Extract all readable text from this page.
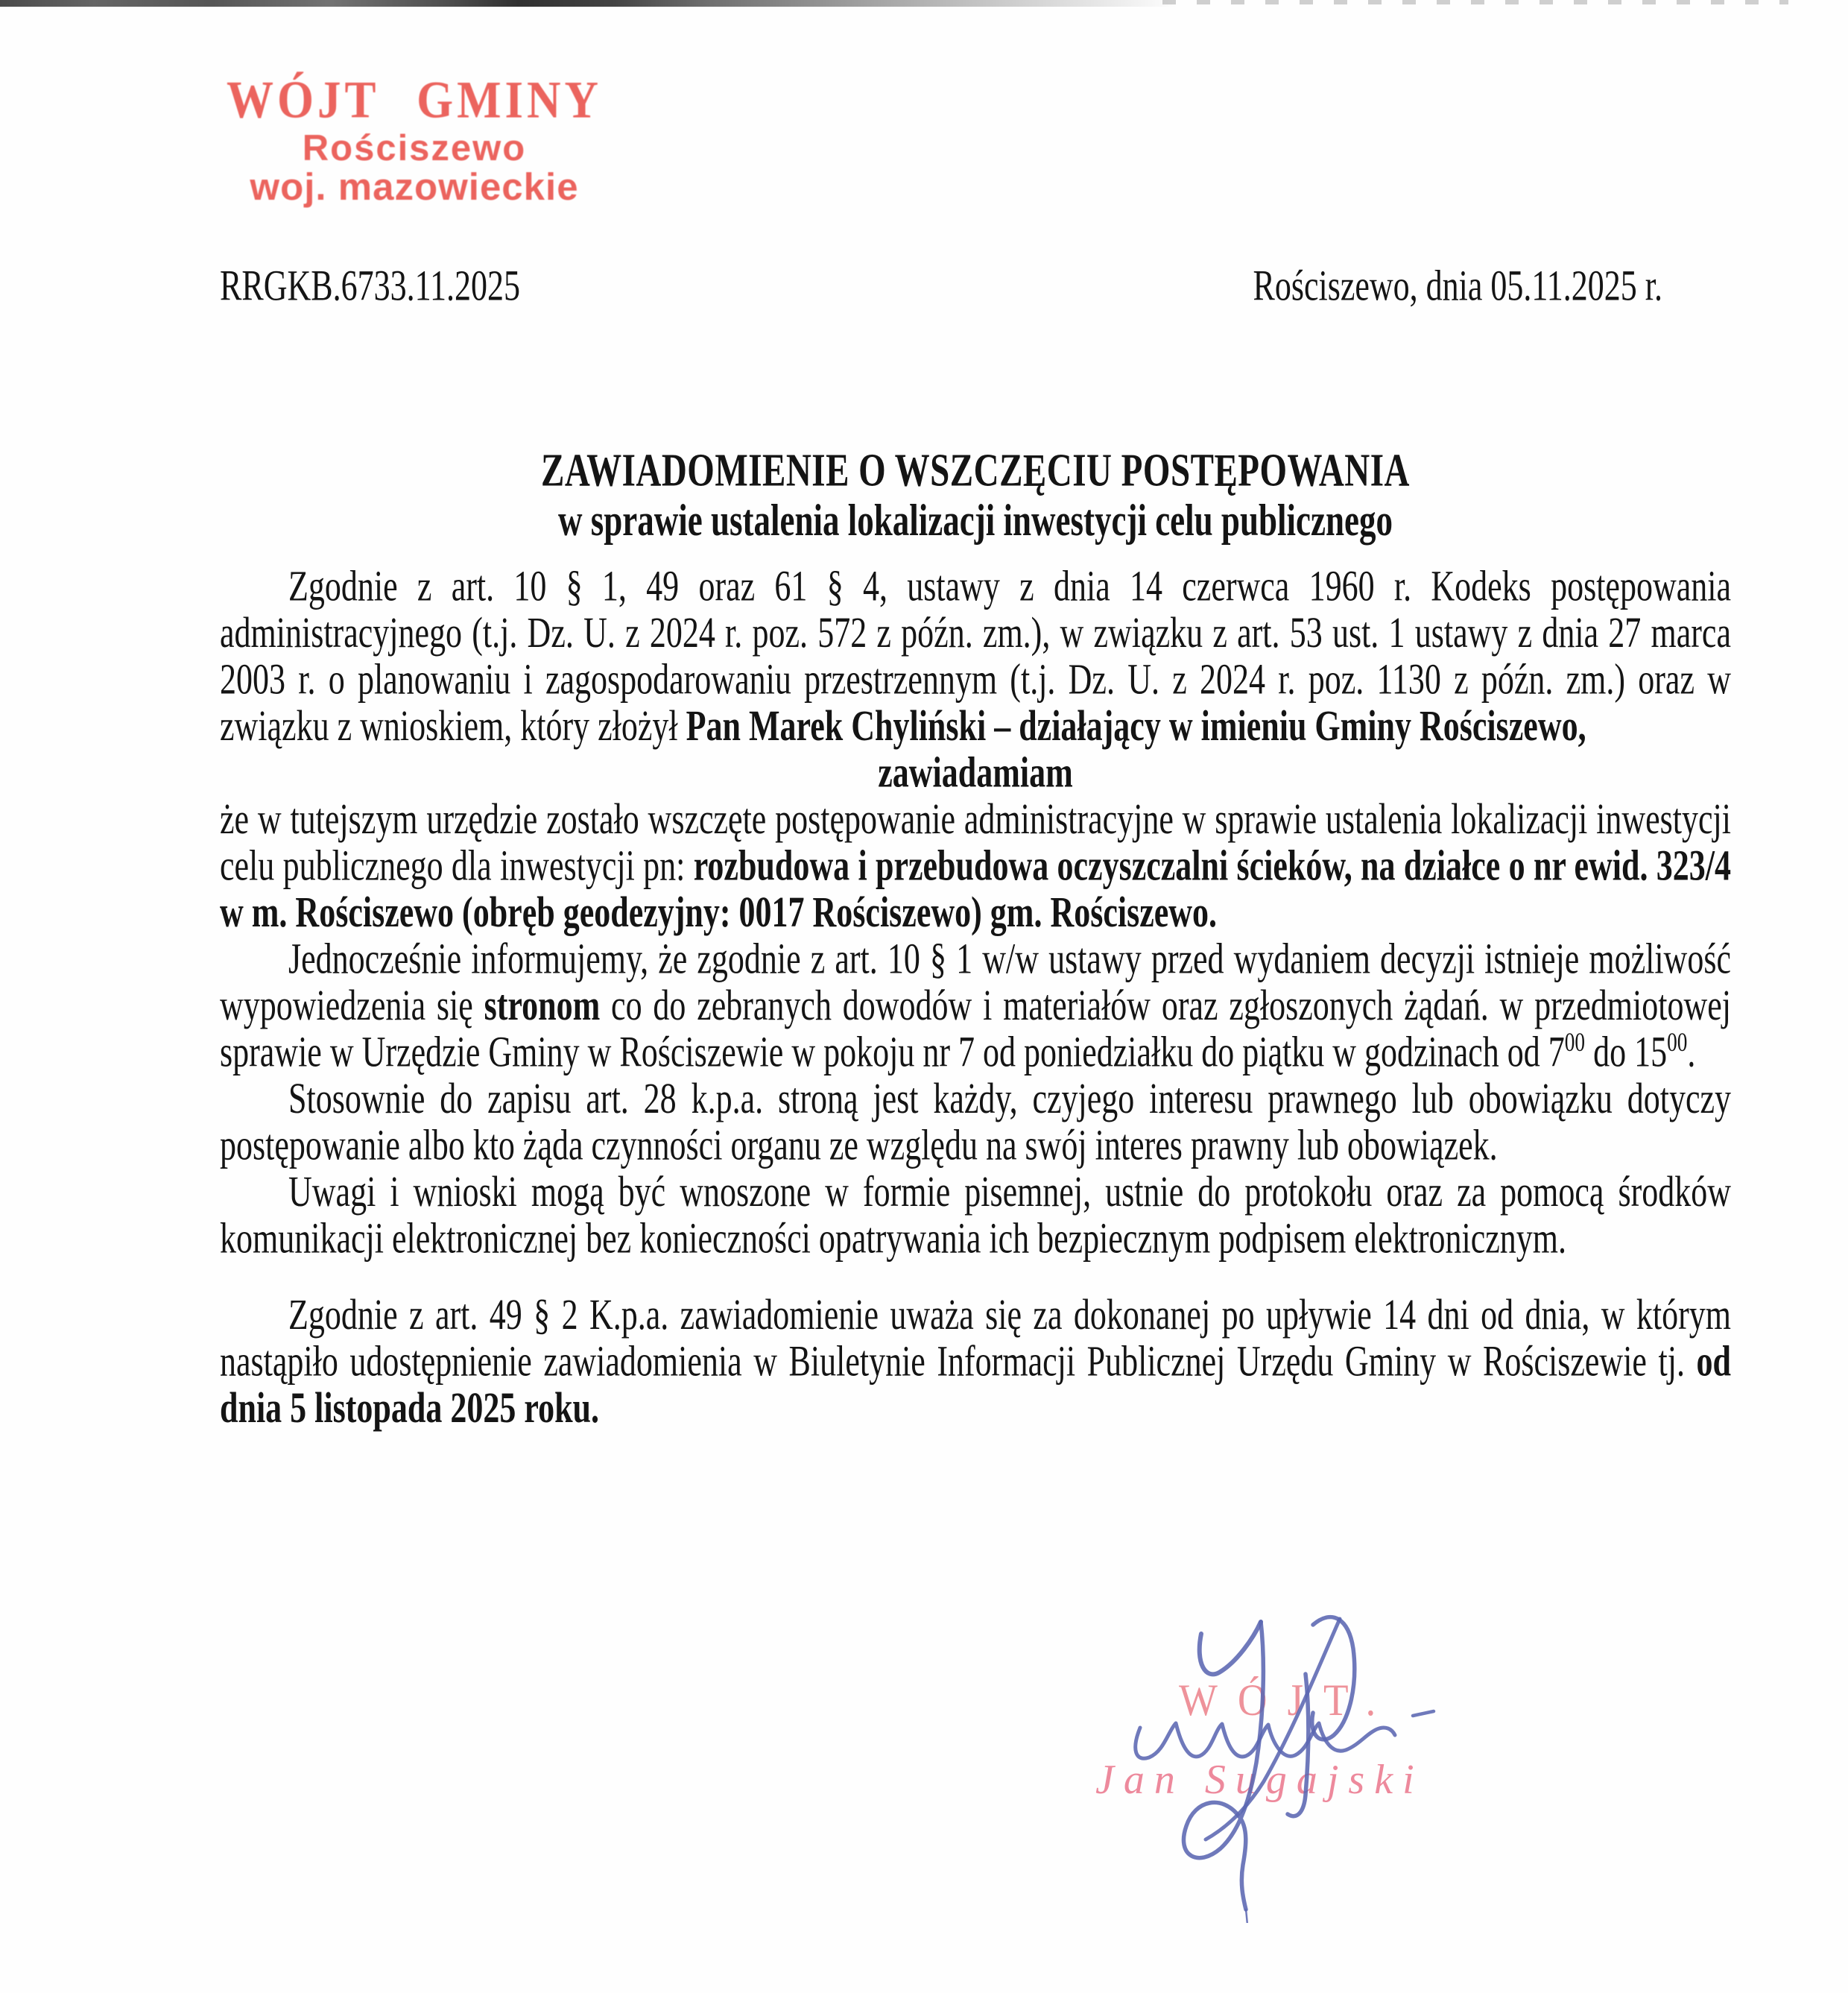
WÓJT GMINY
Rościszewo
woj. mazowieckie
RRGKB.6733.11.2025	Rościszewo, dnia 05.11.2025 r.
ZAWIADOMIENIE O WSZCZĘCIU POSTĘPOWANIA
w sprawie ustalenia lokalizacji inwestycji celu publicznego

Zgodnie z art. 10 § 1, 49 oraz 61 § 4, ustawy z dnia 14 czerwca 1960 r. Kodeks postępowania administracyjnego (t.j. Dz. U. z 2024 r. poz. 572 z późn. zm.), w związku z art. 53 ust. 1 ustawy z dnia 27 marca 2003 r. o planowaniu i zagospodarowaniu przestrzennym (t.j. Dz. U. z 2024 r. poz. 1130 z późn. zm.) oraz w związku z wnioskiem, który złożył Pan Marek Chyliński – działający w imieniu Gminy Rościszewo,

zawiadamiam

że w tutejszym urzędzie zostało wszczęte postępowanie administracyjne w sprawie ustalenia lokalizacji inwestycji celu publicznego dla inwestycji pn: rozbudowa i przebudowa oczyszczalni ścieków, na działce o nr ewid. 323/4 w m. Rościszewo (obręb geodezyjny: 0017 Rościszewo) gm. Rościszewo.

Jednocześnie informujemy, że zgodnie z art. 10 § 1 w/w ustawy przed wydaniem decyzji istnieje możliwość wypowiedzenia się stronom co do zebranych dowodów i materiałów oraz zgłoszonych żądań. w przedmiotowej sprawie w Urzędzie Gminy w Rościszewie w pokoju nr 7 od poniedziałku do piątku w godzinach od $7^{00}$ do $15^{00}$.

Stosownie do zapisu art. 28 k.p.a. stroną jest każdy, czyjego interesu prawnego lub obowiązku dotyczy postępowanie albo kto żąda czynności organu ze względu na swój interes prawny lub obowiązek.

Uwagi i wnioski mogą być wnoszone w formie pisemnej, ustnie do protokołu oraz za pomocą środków komunikacji elektronicznej bez konieczności opatrywania ich bezpiecznym podpisem elektronicznym.

Zgodnie z art. 49 § 2 K.p.a. zawiadomienie uważa się za dokonanej po upływie 14 dni od dnia, w którym nastąpiło udostępnienie zawiadomienia w Biuletynie Informacji Publicznej Urzędu Gminy w Rościszewie tj. od dnia 5 listopada 2025 roku.

WÓJT.
Jan Sugajski
